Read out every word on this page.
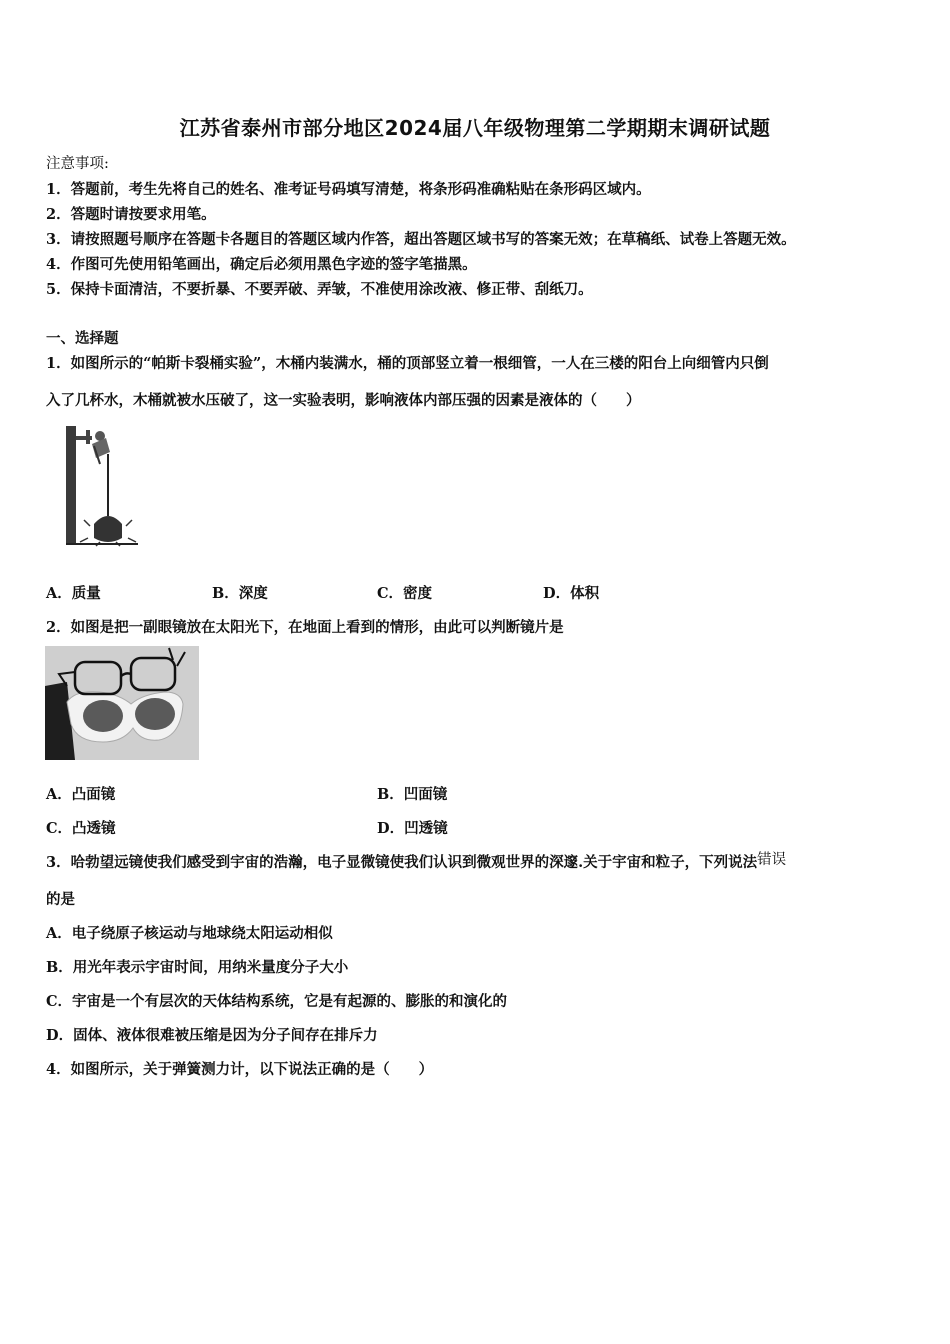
江苏省泰州市部分地区2024届八年级物理第二学期期末调研试题
注意事项:
1．答题前，考生先将自己的姓名、准考证号码填写清楚，将条形码准确粘贴在条形码区域内。
2．答题时请按要求用笔。
3．请按照题号顺序在答题卡各题目的答题区域内作答，超出答题区域书写的答案无效；在草稿纸、试卷上答题无效。
4．作图可先使用铅笔画出，确定后必须用黑色字迹的签字笔描黑。
5．保持卡面清洁，不要折暴、不要弄破、弄皱，不准使用涂改液、修正带、刮纸刀。
一、选择题
1．如图所示的“帕斯卡裂桶实验”，木桶内装满水，桶的顶部竖立着一根细管，一人在三楼的阳台上向细管内只倒
入了几杯水，木桶就被水压破了，这一实验表明，影响液体内部压强的因素是液体的（　　）
A．质量	B．深度	C．密度	D．体积
2．如图是把一副眼镜放在太阳光下，在地面上看到的情形，由此可以判断镜片是
A．凸面镜	B．凹面镜
C．凸透镜	D．凹透镜
3．哈勃望远镜使我们感受到宇宙的浩瀚，电子显微镜使我们认识到微观世界的深邃.关于宇宙和粒子，下列说法错误
的是
A．电子绕原子核运动与地球绕太阳运动相似
B．用光年表示宇宙时间，用纳米量度分子大小
C．宇宙是一个有层次的天体结构系统，它是有起源的、膨胀的和演化的
D．固体、液体很难被压缩是因为分子间存在排斥力
4．如图所示，关于弹簧测力计，以下说法正确的是（　　）
